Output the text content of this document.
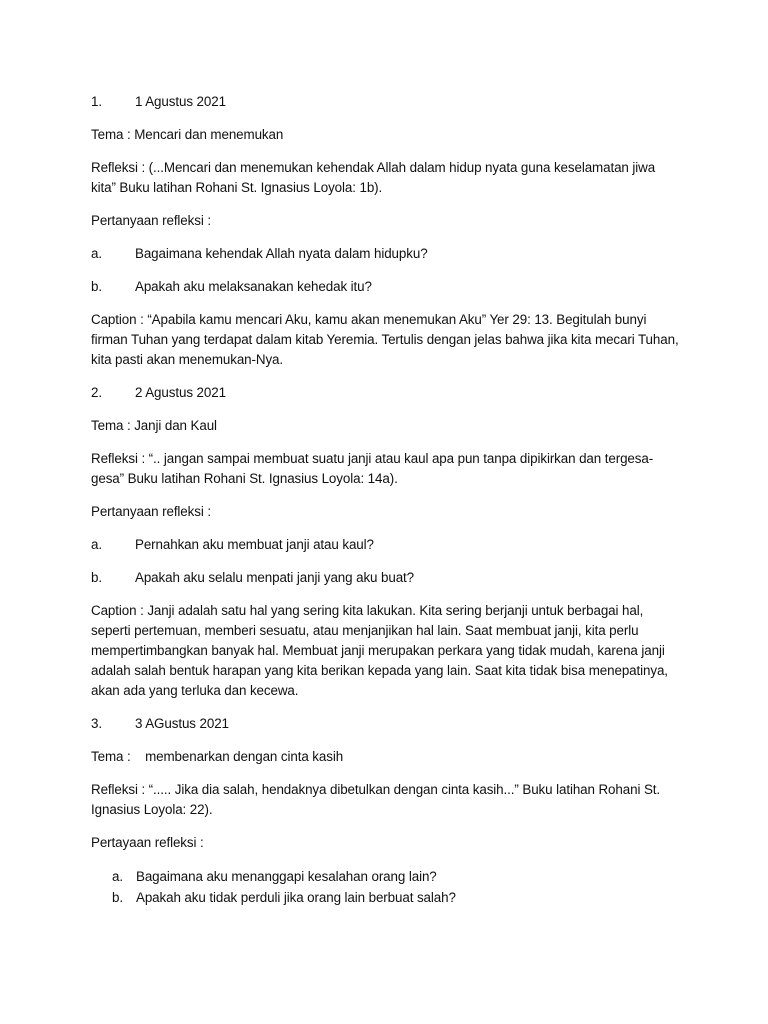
1.	1 Agustus 2021

Tema : Mencari dan menemukan

Refleksi : (...Mencari dan menemukan kehendak Allah dalam hidup nyata guna keselamatan jiwa kita” Buku latihan Rohani St. Ignasius Loyola: 1b).

Pertanyaan refleksi :

a.	Bagaimana kehendak Allah nyata dalam hidupku?
b.	Apakah aku melaksanakan kehedak itu?

Caption : “Apabila kamu mencari Aku, kamu akan menemukan Aku” Yer 29: 13. Begitulah bunyi firman Tuhan yang terdapat dalam kitab Yeremia. Tertulis dengan jelas bahwa jika kita mecari Tuhan, kita pasti akan menemukan-Nya.

2.	2 Agustus 2021

Tema : Janji dan Kaul

Refleksi : “.. jangan sampai membuat suatu janji atau kaul apa pun tanpa dipikirkan dan tergesa-gesa” Buku latihan Rohani St. Ignasius Loyola: 14a).

Pertanyaan refleksi :

a.	Pernahkan aku membuat janji atau kaul?
b.	Apakah aku selalu menpati janji yang aku buat?

Caption : Janji adalah satu hal yang sering kita lakukan. Kita sering berjanji untuk berbagai hal, seperti pertemuan, memberi sesuatu, atau menjanjikan hal lain. Saat membuat janji, kita perlu mempertimbangkan banyak hal. Membuat janji merupakan perkara yang tidak mudah, karena janji adalah salah bentuk harapan yang kita berikan kepada yang lain. Saat kita tidak bisa menepatinya, akan ada yang terluka dan kecewa.

3.	3 AGustus 2021

Tema :    membenarkan dengan cinta kasih

Refleksi : “..... Jika dia salah, hendaknya dibetulkan dengan cinta kasih...” Buku latihan Rohani St. Ignasius Loyola: 22).

Pertayaan refleksi :

a. Bagaimana aku menanggapi kesalahan orang lain?
b. Apakah aku tidak perduli jika orang lain berbuat salah?
